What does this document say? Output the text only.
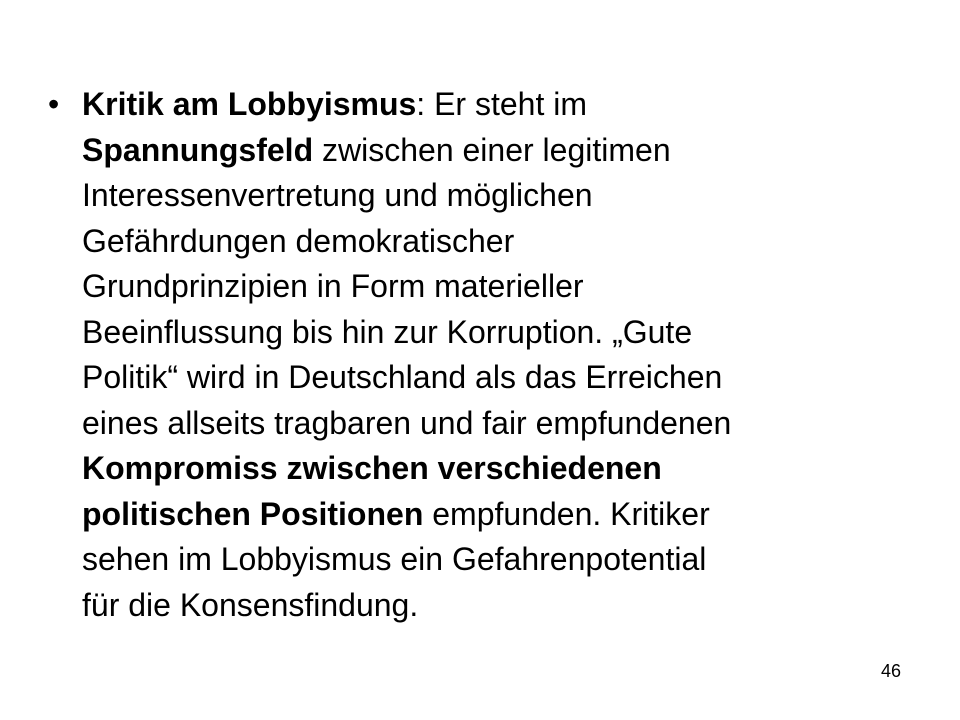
• Kritik am Lobbyismus: Er steht im
Spannungsfeld zwischen einer legitimen
Interessenvertretung und möglichen
Gefährdungen demokratischer
Grundprinzipien in Form materieller
Beeinflussung bis hin zur Korruption. „Gute
Politik“ wird in Deutschland als das Erreichen
eines allseits tragbaren und fair empfundenen
Kompromiss zwischen verschiedenen
politischen Positionen empfunden. Kritiker
sehen im Lobbyismus ein Gefahrenpotential
für die Konsensfindung.
46
